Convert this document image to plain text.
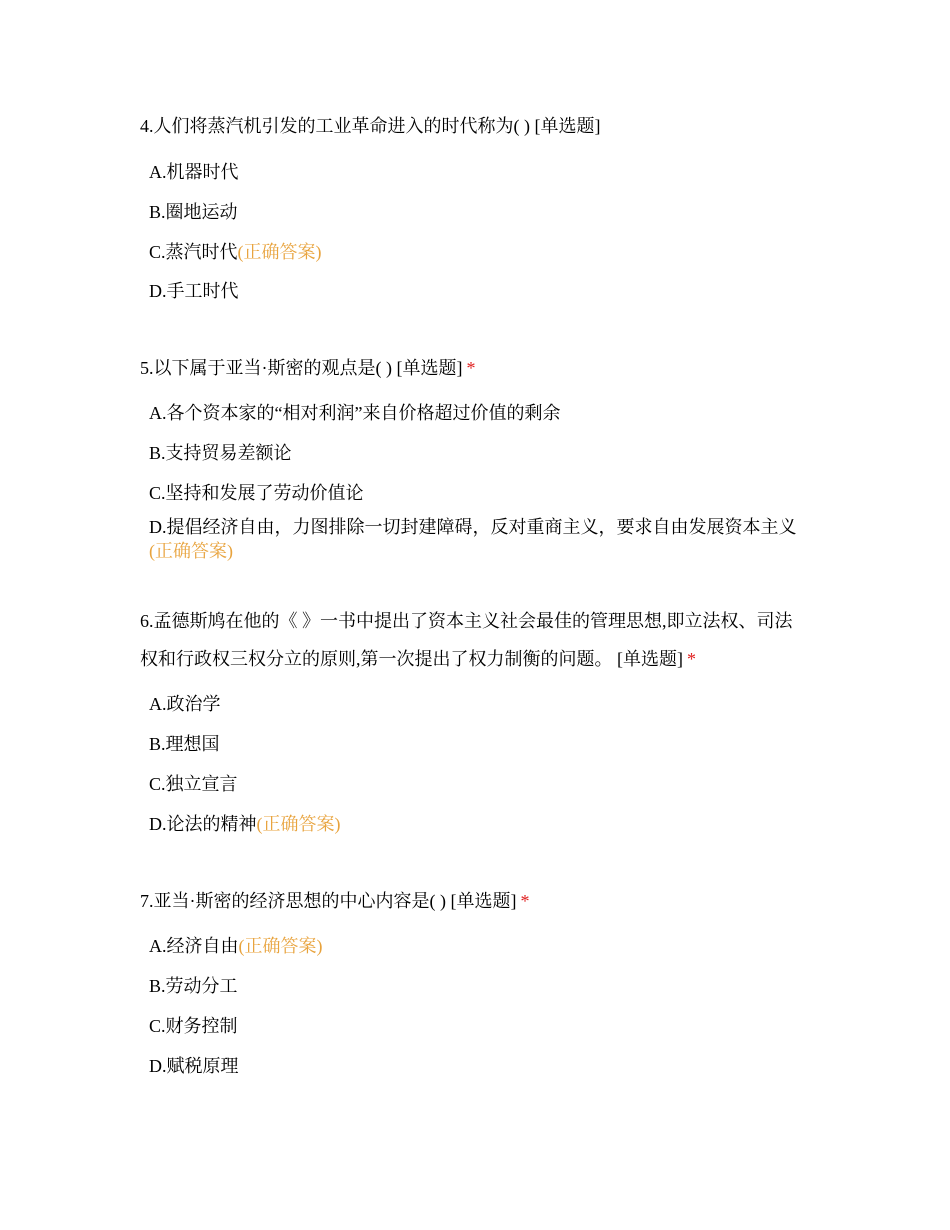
4.人们将蒸汽机引发的工业革命进入的时代称为( ) [单选题]

A.机器时代
B.圈地运动
C.蒸汽时代(正确答案)
D.手工时代

5.以下属于亚当·斯密的观点是( ) [单选题] *

A.各个资本家的“相对利润”来自价格超过价值的剩余
B.支持贸易差额论
C.坚持和发展了劳动价值论
D.提倡经济自由，力图排除一切封建障碍，反对重商主义，要求自由发展资本主义(正确答案)

6.孟德斯鸠在他的《 》一书中提出了资本主义社会最佳的管理思想,即立法权、司法权和行政权三权分立的原则,第一次提出了权力制衡的问题。 [单选题] *

A.政治学
B.理想国
C.独立宣言
D.论法的精神(正确答案)

7.亚当·斯密的经济思想的中心内容是( ) [单选题] *

A.经济自由(正确答案)
B.劳动分工
C.财务控制
D.赋税原理
